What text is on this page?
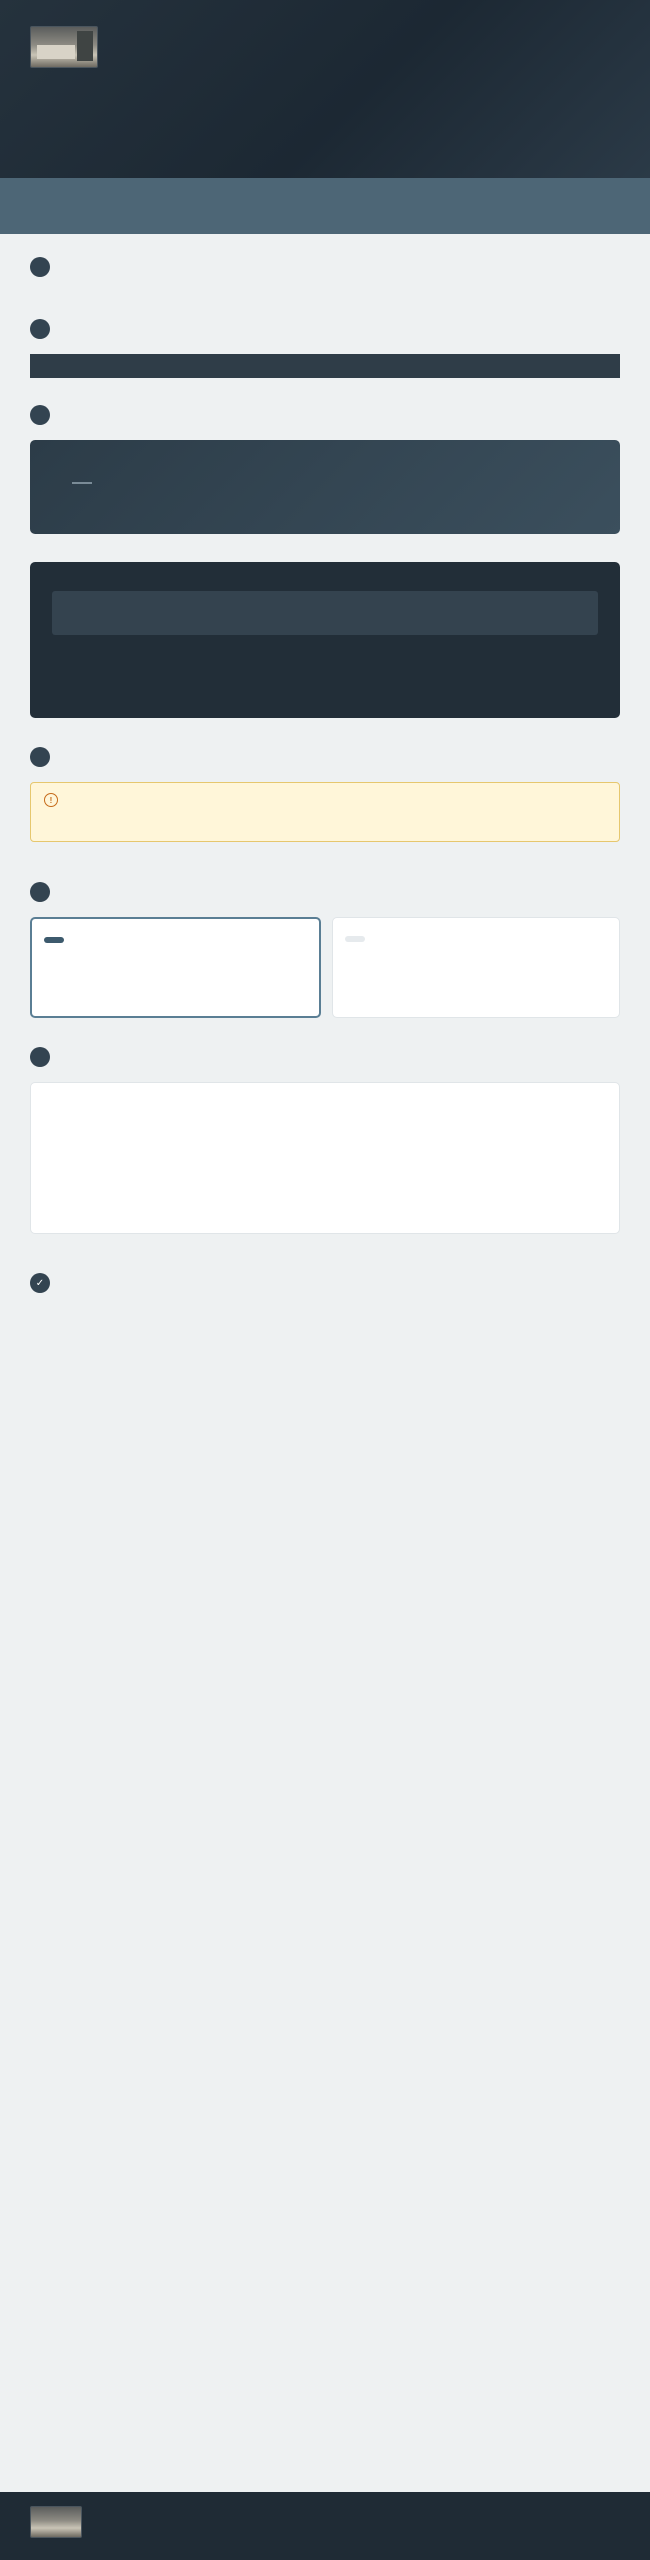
!

✓
